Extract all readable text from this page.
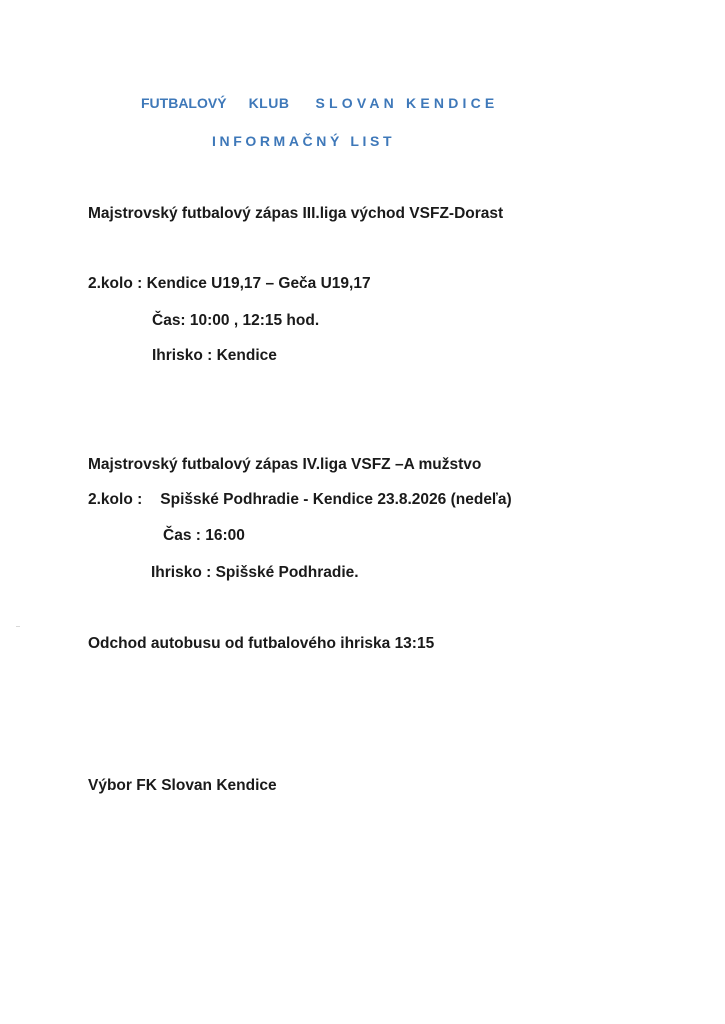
FUTBALOVÝ KLUB SLOVAN KENDICE
INFORMAČNÝ LIST
Majstrovský futbalový zápas III.liga východ VSFZ-Dorast
2.kolo : Kendice U19,17 – Geča U19,17
Čas: 10:00 , 12:15 hod.
Ihrisko : Kendice
Majstrovský futbalový zápas IV.liga VSFZ –A mužstvo
2.kolo : Spišské Podhradie - Kendice 23.8.2026 (nedeľa)
Čas : 16:00
Ihrisko : Spišské Podhradie.
Odchod autobusu od futbalového ihriska 13:15
Výbor FK Slovan Kendice
